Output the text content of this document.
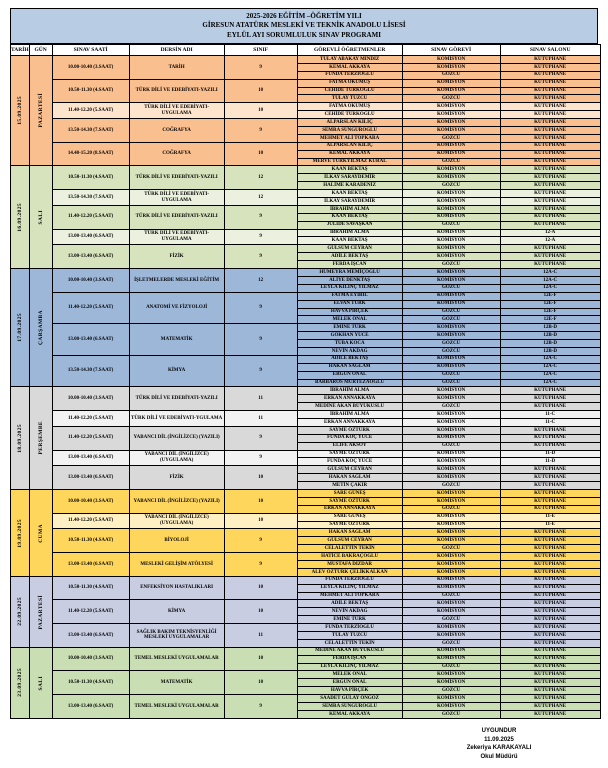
2025-2026 EĞİTİM –ÖĞRETİM YILI
GİRESUN ATATÜRK MESLEKİ VE TEKNİK ANADOLU LİSESİ
EYLÜL AYI SORUMLULUK SINAV PROGRAMI
TARİH	GÜN	SINAV SAATİ	DERSİN ADI	SINIF	GÖREVLİ ÖĞRETMENLER	SINAV GÖREVİ	SINAV SALONU

15.09.2025	PAZARTESİ	10.00-10.40 (3.SAAT)	TARİH	9	TÜLAY ABAKAY MINDIZ	KOMİSYON	KÜTÜPHANE
					KEMAL AKKAYA	KOMİSYON	KÜTÜPHANE
					FUNDA TERZİOĞLU	GÖZCÜ	KÜTÜPHANE
		10.50-11.30 (4.SAAT)	TÜRK DİLİ VE EDEBİYATI-YAZILI	10	FATMA OKUMUŞ	KOMİSYON	KÜTÜPHANE
					CEHİDE TÜRKOĞLU	KOMİSYON	KÜTÜPHANE
					TÜLAY TUZCU	GÖZCÜ	KÜTÜPHANE
		11.40-12.20 (5.SAAT)	TÜRK DİLİ VE EDEBİYATI-UYGULAMA	10	FATMA OKUMUŞ	KOMİSYON	KÜTÜPHANE
					CEHİDE TÜRKOĞLU	KOMİSYON	KÜTÜPHANE
		13.50-14.30 (7.SAAT)	COĞRAFYA	9	ALPARSLAN KILIÇ	KOMİSYON	KÜTÜPHANE
					SEMRA SUNGUROĞLU	KOMİSYON	KÜTÜPHANE
					MEHMET ALİ TOPKARA	GÖZCÜ	KÜTÜPHANE
		14.40-15.20 (8.SAAT)	COĞRAFYA	10	ALPARSLAN KILIÇ	KOMİSYON	KÜTÜPHANE
					KEMAL AKKAYA	KOMİSYON	KÜTÜPHANE
					MERVE TÜRKYILMAZ KURAL	GÖZCÜ	KÜTÜPHANE

16.09.2025	SALI	10.50-11.30 (4.SAAT)	TÜRK DİLİ VE EDEBİYATI-YAZILI	12	KAAN BEKTAŞ	KOMİSYON	KÜTÜPHANE
					İLKAY SARAYDEMİR	KOMİSYON	KÜTÜPHANE
					HALİME KARADENİZ	GÖZCÜ	KÜTÜPHANE
		13.50-14.30 (7.SAAT)	TÜRK DİLİ VE EDEBİYATI-UYGULAMA	12	KAAN BEKTAŞ	KOMİSYON	KÜTÜPHANE
					İLKAY SARAYDEMİR	KOMİSYON	KÜTÜPHANE
		11.40-12.20 (5.SAAT)	TÜRK DİLİ VE EDEBİYATI-YAZILI	9	İBRAHİM ALMA	KOMİSYON	KÜTÜPHANE
					KAAN BEKTAŞ	KOMİSYON	KÜTÜPHANE
					JÜLİDE SAVAŞKAN	GÖZCÜ	KÜTÜPHANE
		13.00-13.40 (6.SAAT)	TÜRK DİLİ VE EDEBİYATI-UYGULAMA	9	İBRAHİM ALMA	KOMİSYON	12-A
					KAAN BEKTAŞ	KOMİSYON	12-A
		13.00-13.40 (6.SAAT)	FİZİK	9	GÜLSÜM CEYRAN	KOMİSYON	KÜTÜPHANE
					ADİLE BEKTAŞ	KOMİSYON	KÜTÜPHANE
					FERDA İŞCAN	GÖZCÜ	KÜTÜPHANE

17.09.2025	ÇARŞAMBA	10.00-10.40 (3.SAAT)	İŞLETMELERDE MESLEKİ EĞİTİM	12	HÜMEYRA MEMİÇOĞLU	KOMİSYON	12A-C
					ALİYE DENKTAŞ	KOMİSYON	12A-C
					LEYLA KILINÇ YILMAZ	GÖZCÜ	12A-C
		11.40-12.20 (5.SAAT)	ANATOMİ VE FİZYOLOJİ	9	FATMA EYİBİL	KOMİSYON	12E-F
					ELVAN TÜRK	KOMİSYON	12E-F
					HAVVA PİRÇEK	GÖZCÜ	12E-F
					MELEK ÖNAL	GÖZCÜ	12E-F
		13.00-13.40 (6.SAAT)	MATEMATİK	9	EMİNE TÜRK	KOMİSYON	12B-D
					GÖKHAN YÜCE	KOMİSYON	12B-D
					TUBA KOCA	GÖZCÜ	12B-D
					NEVİN AKDAĞ	GÖZCÜ	12B-D
		13.50-14.30 (7.SAAT)	KİMYA	9	ADİLE BEKTAŞ	KOMİSYON	12A-C
					HAKAN SAĞLAM	KOMİSYON	12A-C
					ERGÜN ÖNAL	GÖZCÜ	12A-C
					BARBAROS MÜRTEZAOĞLU	GÖZCÜ	12A-C

18.09.2025	PERŞEMBE	10.00-10.40 (3.SAAT)	TÜRK DİLİ VE EDEBİYATI-YAZILI	11	İBRAHİM ALMA	KOMİSYON	KÜTÜPHANE
					ERKAN ANNAKKAYA	KOMİSYON	KÜTÜPHANE
					MEDİNE AKAN BÜYÜKUSLU	GÖZCÜ	KÜTÜPHANE
		11.40-12.20 (5.SAAT)	TÜRK DİLİ VE EDEBİYATI-YGULAMA	11	İBRAHİM ALMA	KOMİSYON	11-C
					ERKAN ANNAKKAYA	KOMİSYON	11-C
		11.40-12.20 (5.SAAT)	YABANCI DİL (İNGİLİZCE) (YAZILI)	9	SAYME ÖZTÜRK	KOMİSYON	KÜTÜPHANE
					FUNDA KOÇ YÜCE	KOMİSYON	KÜTÜPHANE
					ELİFE AKSOY	GÖZCÜ	KÜTÜPHANE
		13.00-13.40 (6.SAAT)	YABANCI DİL (İNGİLİZCE) (UYGULAMA)	9	SAYME ÖZTÜRK	KOMİSYON	11-D
					FUNDA KOÇ YÜCE	KOMİSYON	11-D
		13.00-13.40 (6.SAAT)	FİZİK	10	GÜLSÜM CEYRAN	KOMİSYON	KÜTÜPHANE
					HAKAN SAĞLAM	KOMİSYON	KÜTÜPHANE
					METİN ÇAKIR	GÖZCÜ	KÜTÜPHANE

19.09.2025	CUMA	10.00-10.40 (3.SAAT)	YABANCI DİL (İNGİLİZCE) (YAZILI)	10	SARE GÜNEŞ	KOMİSYON	KÜTÜPHANE
					SAYME ÖZTÜRK	KOMİSYON	KÜTÜPHANE
					ERKAN ANNAKKAYA	GÖZCÜ	KÜTÜPHANE
		11.40-12.20 (5.SAAT)	YABANCI DİL (İNGİLİZCE) (UYGULAMA)	10	SARE GÜNEŞ	KOMİSYON	11-E
					SAYME ÖZTÜRK	KOMİSYON	11-E
		10.50-11.30 (4.SAAT)	BİYOLOJİ	9	HAKAN SAĞLAM	KOMİSYON	KÜTÜPHANE
					GÜLSÜM CEYRAN	KOMİSYON	KÜTÜPHANE
					CELALETTİN TEKİN	GÖZCÜ	KÜTÜPHANE
		13.00-13.40 (6.SAAT)	MESLEKİ GELİŞİM ATÖLYESİ	9	HATİCE BAKRAÇOĞLU	KOMİSYON	KÜTÜPHANE
					MUSTAFA DIZDAR	KOMİSYON	KÜTÜPHANE
					ALEV ÖZTÜRK ÇELİKKALKAN	KOMİSYON	KÜTÜPHANE

22.09.2025	PAZARTESİ	10.50-11.30 (4.SAAT)	ENFEKSİYON HASTALIKLARI	10	FUNDA TERZİOĞLU	KOMİSYON	KÜTÜPHANE
					LEYLA KILINÇ YILMAZ	KOMİSYON	KÜTÜPHANE
					MEHMET ALİ TOPKARA	GÖZCÜ	KÜTÜPHANE
		11.40-12.20 (5.SAAT)	KİMYA	10	ADİLE BEKTAŞ	KOMİSYON	KÜTÜPHANE
					NEVİN AKDAĞ	KOMİSYON	KÜTÜPHANE
					EMİNE TÜRK	GÖZCÜ	KÜTÜPHANE
		13.00-13.40 (6.SAAT)	SAĞLIK BAKIM TEKNİSYENLİĞİ MESLEKİ UYGULAMALAR	11	FUNDA TERZİOĞLU	KOMİSYON	KÜTÜPHANE
					TÜLAY TUZCU	KOMİSYON	KÜTÜPHANE
					CELALETTİN TEKİN	GÖZCÜ	KÜTÜPHANE

23.09.2025	SALI	10.00-10.40 (3.SAAT)	TEMEL MESLEKİ UYGULAMALAR	10	MEDİNE AKAN BÜYÜKUSLU	KOMİSYON	KÜTÜPHANE
					FERDA İŞCAN	KOMİSYON	KÜTÜPHANE
					LEYLA KILINÇ YILMAZ	GÖZCÜ	KÜTÜPHANE
		10.50-11.30 (4.SAAT)	MATEMATİK	10	MELEK ÖNAL	KOMİSYON	KÜTÜPHANE
					ERGÜN ÖNAL	KOMİSYON	KÜTÜPHANE
					HAVVA PİRÇEK	GÖZCÜ	KÜTÜPHANE
		13.00-13.40 (6.SAAT)	TEMEL MESLEKİ UYGULAMALAR	9	SAADET GÜLAY ÖNGÖZ	KOMİSYON	KÜTÜPHANE
					SEMRA SUNGUROĞLU	KOMİSYON	KÜTÜPHANE
					KEMAL AKKAYA	GÖZCÜ	KÜTÜPHANE
UYGUNDUR
11.09.2025
Zekeriya KARAKAYALI
Okul Müdürü
